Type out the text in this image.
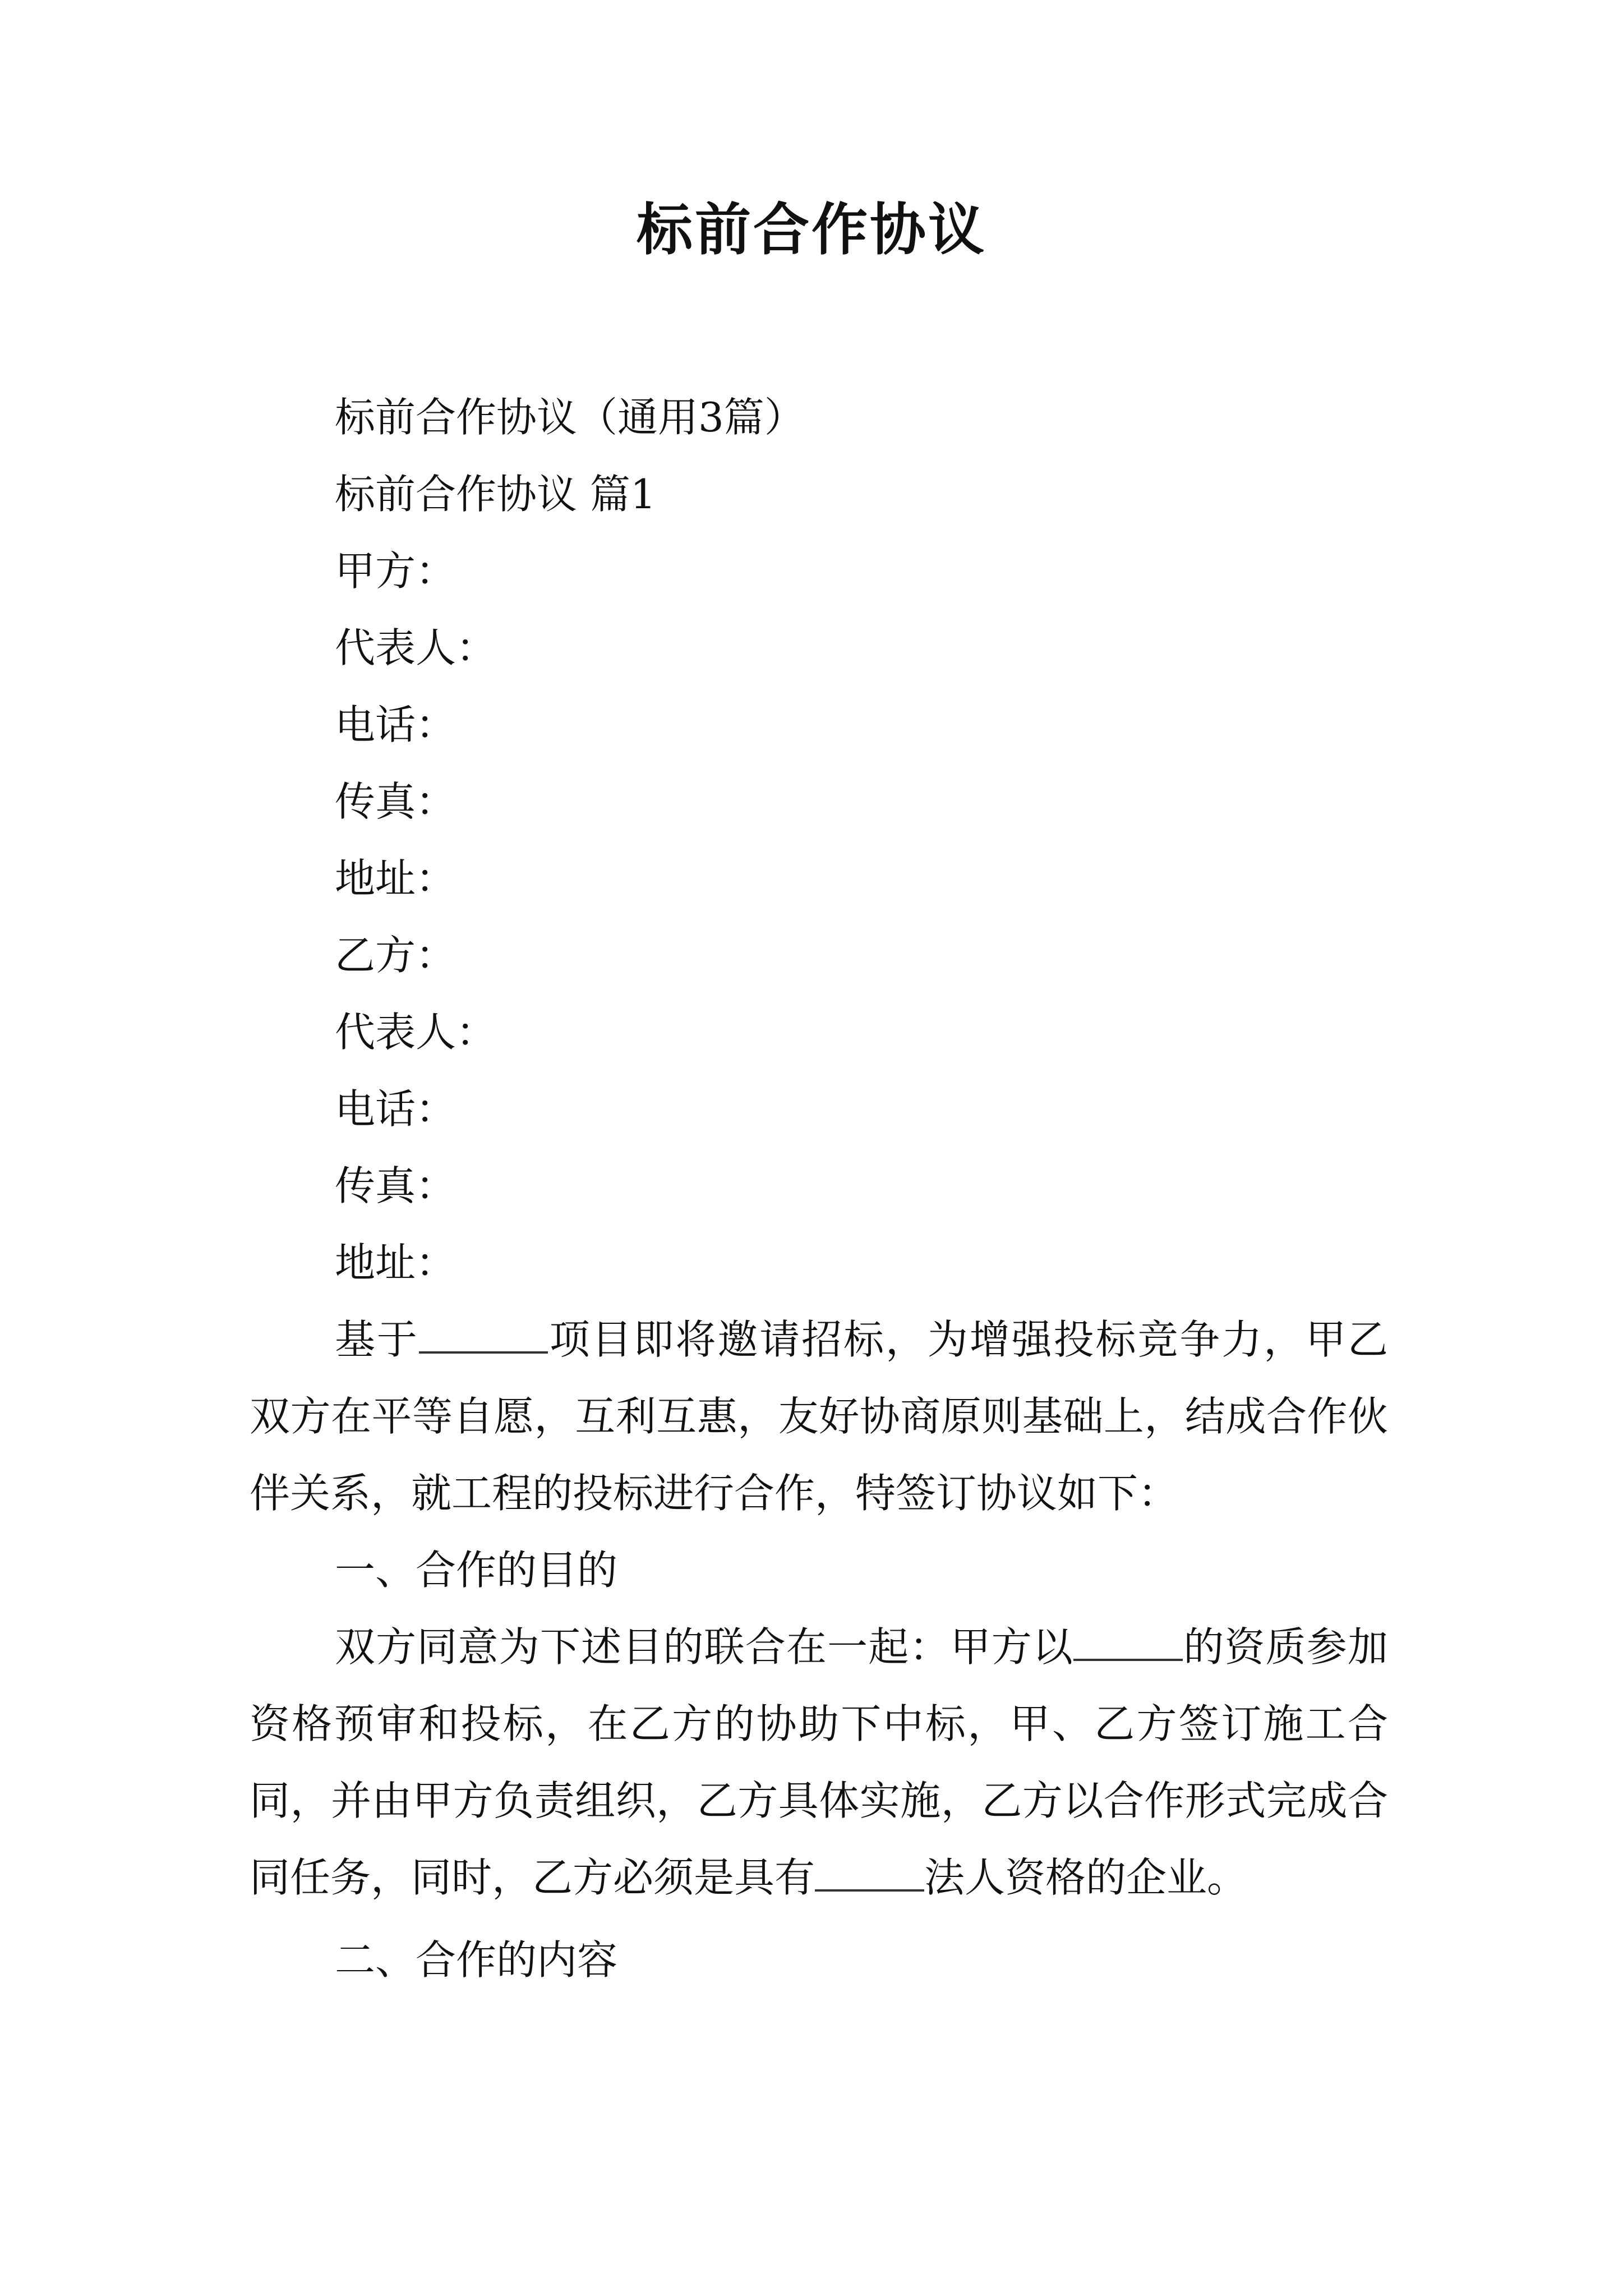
标前合作协议
标前合作协议（通用3篇）
标前合作协议 篇1
甲方：
代表人：
电话：
传真：
地址：
乙方：
代表人：
电话：
传真：
地址：
基于	项目即将邀请招标，为增强投标竞争力，甲乙双方在平等自愿，互利互惠，友好协商原则基础上，结成合作伙伴关系，就工程的投标进行合作，特签订协议如下：
一、合作的目的
双方同意为下述目的联合在一起：甲方以	的资质参加资格预审和投标，在乙方的协助下中标，甲、乙方签订施工合同，并由甲方负责组织，乙方具体实施，乙方以合作形式完成合同任务，同时，乙方必须是具有	法人资格的企业。
二、合作的内容
